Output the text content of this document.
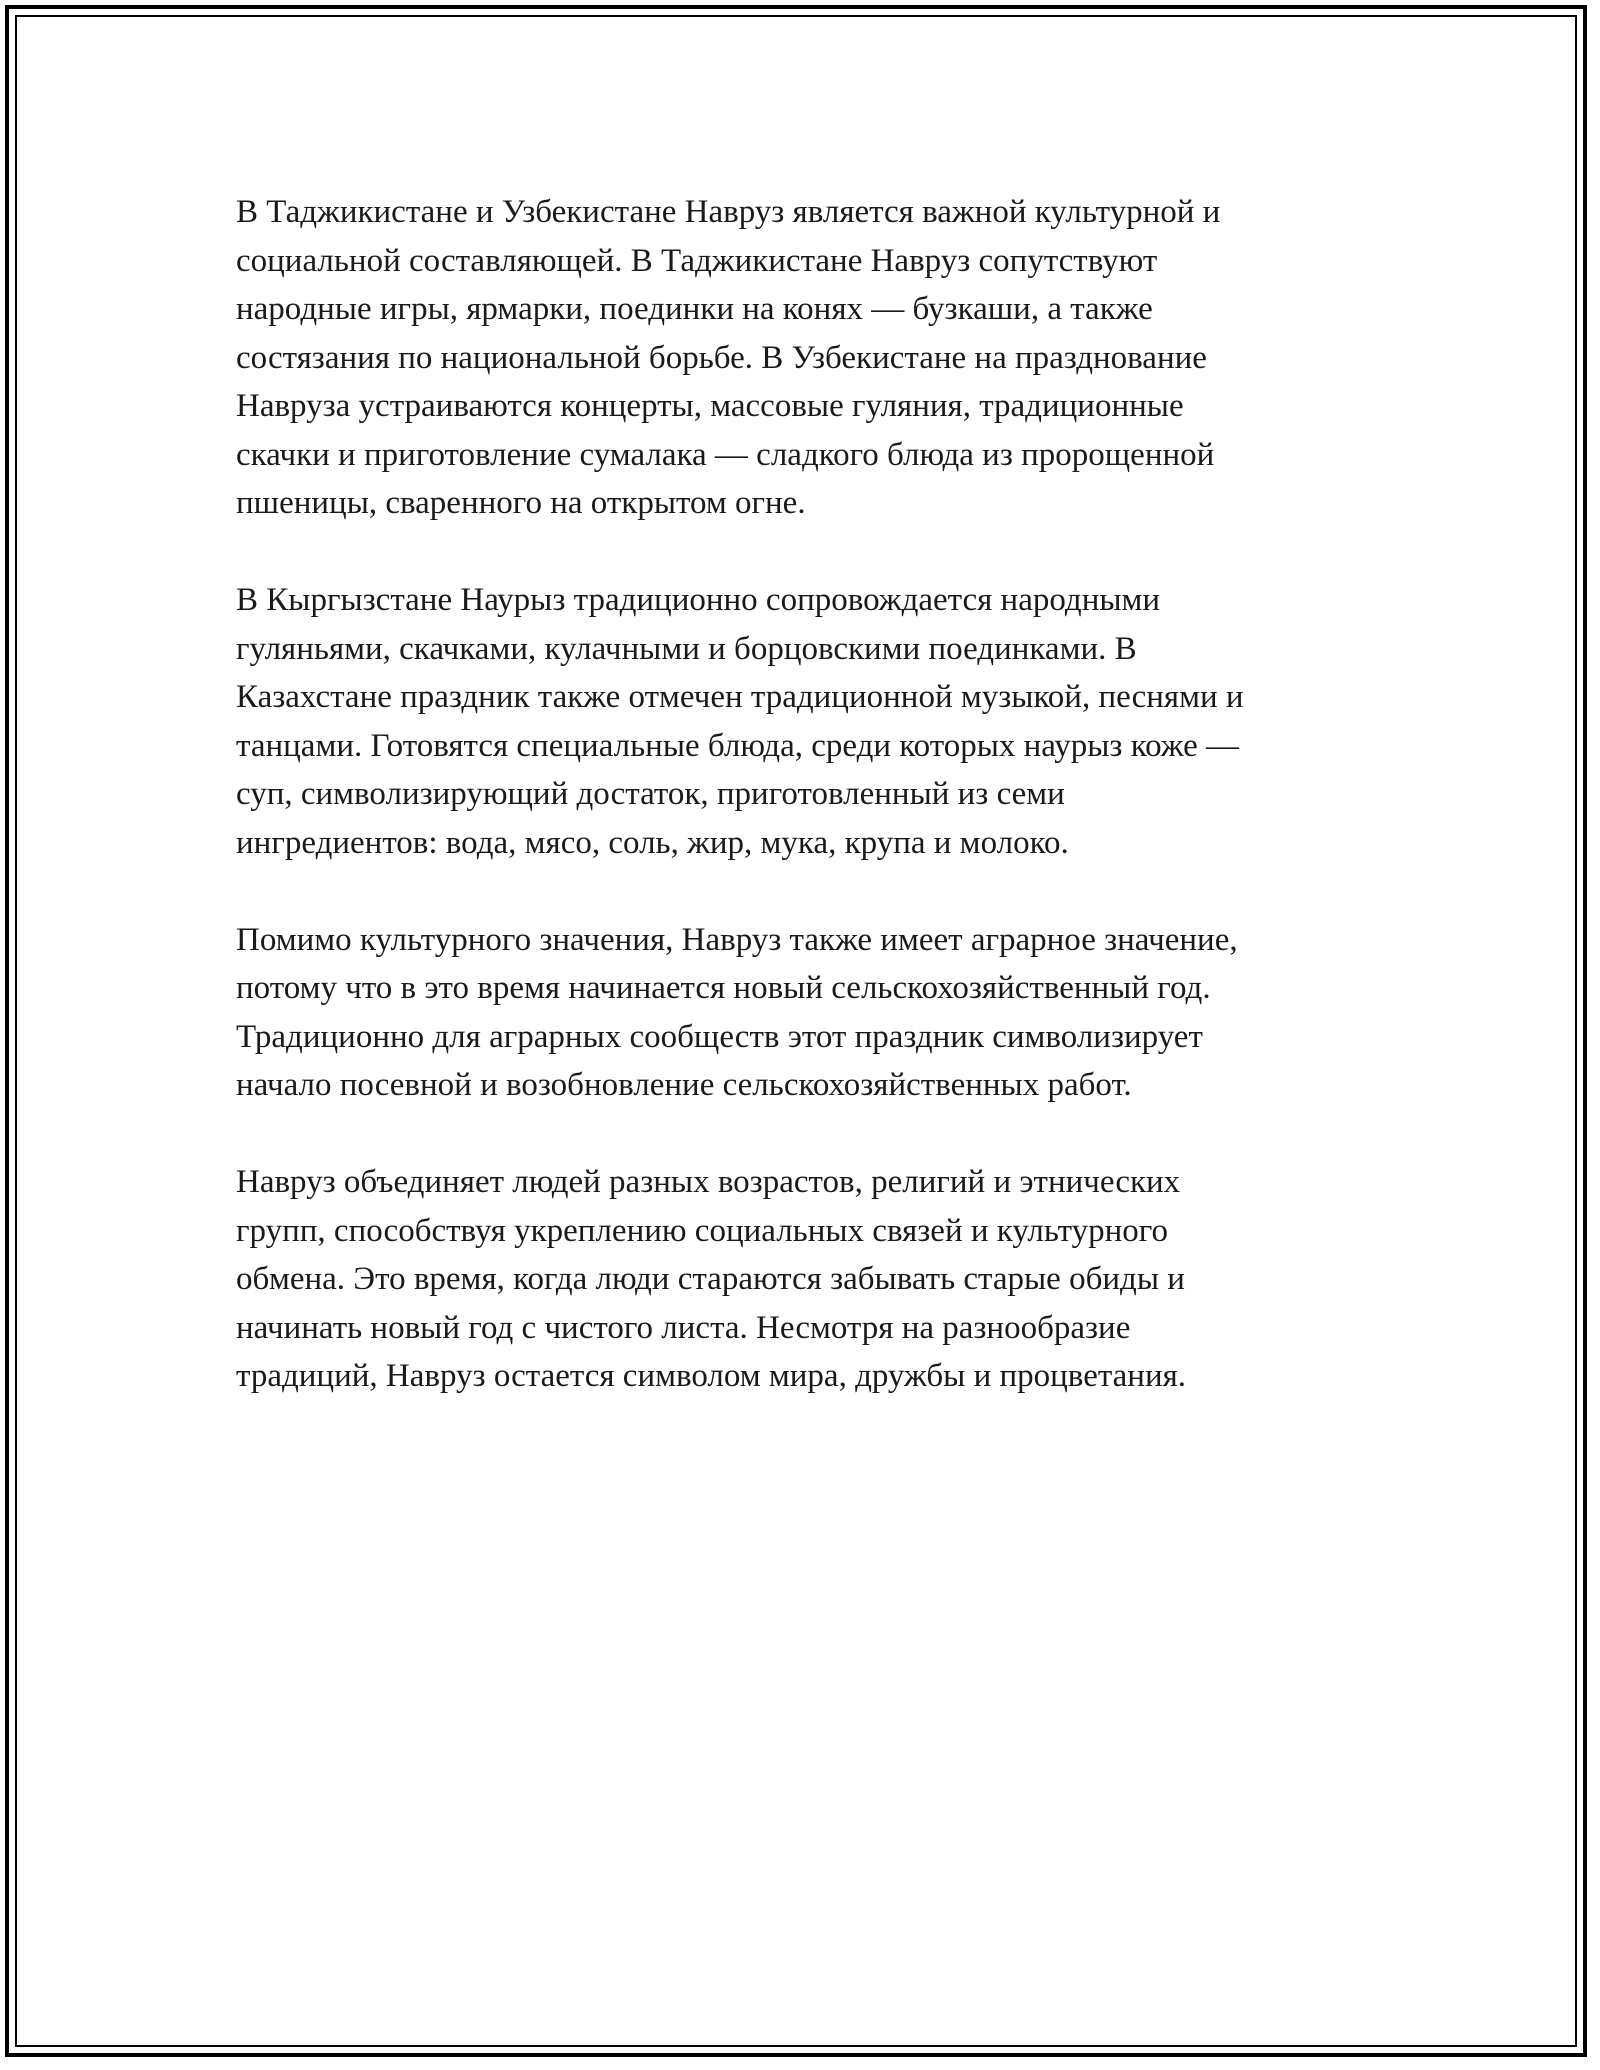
В Таджикистане и Узбекистане Навруз является важной культурной и
социальной составляющей. В Таджикистане Навруз сопутствуют
народные игры, ярмарки, поединки на конях — бузкаши, а также
состязания по национальной борьбе. В Узбекистане на празднование
Навруза устраиваются концерты, массовые гуляния, традиционные
скачки и приготовление сумалака — сладкого блюда из пророщенной
пшеницы, сваренного на открытом огне.

В Кыргызстане Наурыз традиционно сопровождается народными
гуляньями, скачками, кулачными и борцовскими поединками. В
Казахстане праздник также отмечен традиционной музыкой, песнями и
танцами. Готовятся специальные блюда, среди которых наурыз коже —
суп, символизирующий достаток, приготовленный из семи
ингредиентов: вода, мясо, соль, жир, мука, крупа и молоко.

Помимо культурного значения, Навруз также имеет аграрное значение,
потому что в это время начинается новый сельскохозяйственный год.
Традиционно для аграрных сообществ этот праздник символизирует
начало посевной и возобновление сельскохозяйственных работ.

Навруз объединяет людей разных возрастов, религий и этнических
групп, способствуя укреплению социальных связей и культурного
обмена. Это время, когда люди стараются забывать старые обиды и
начинать новый год с чистого листа. Несмотря на разнообразие
традиций, Навруз остается символом мира, дружбы и процветания.
